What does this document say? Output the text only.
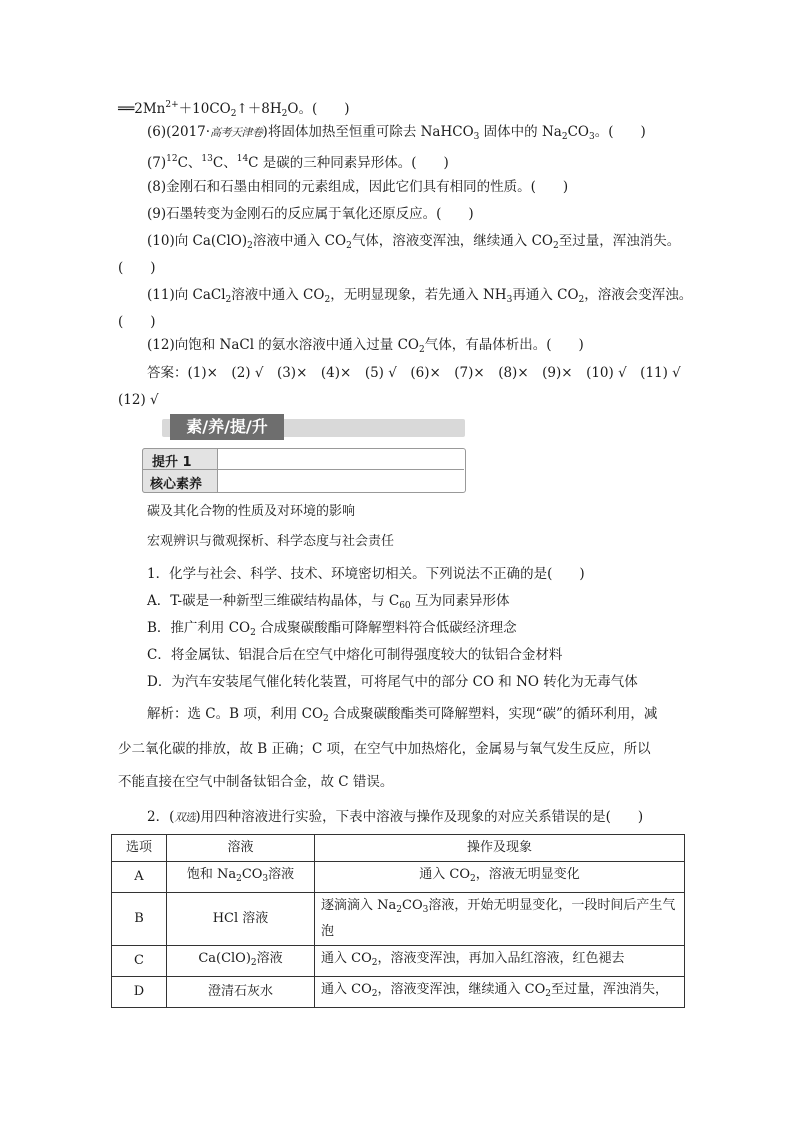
$══2Mn^{2+}+10CO_2↑+8H_2O$。(　　)
(6)(2017·高考天津卷)将固体加热至恒重可除去 NaHCO$_3$ 固体中的 $Na_2CO_3$。(　　)
$(7)^{12}C$、$^{13}$C、$^{14}$C 是碳的三种同素异形体。(　　)
(8)金刚石和石墨由相同的元素组成，因此它们具有相同的性质。(　　)
(9)石墨转变为金刚石的反应属于氧化还原反应。(　　)
(10)向 $Ca(ClO)_2$溶液中通入 $CO_2$气体，溶液变浑浊，继续通入 $CO_2$至过量，浑浊消失。
(　　)
(11)向 CaCl$_2$溶液中通入 $CO_2$，无明显现象，若先通入 $NH_3$再通入 $CO_2$，溶液会变浑浊。
(　　)
(12)向饱和 NaCl 的氨水溶液中通入过量 $CO_2$气体，有晶体析出。(　　)
答案：(1)×　(2) √　(3)×　(4)×　(5) √　(6)×　(7)×　(8)×　(9)×　(10) √　(11) √
(12) √
素/养/提/升
提升 1
核心素养
碳及其化合物的性质及对环境的影响
宏观辨识与微观探析、科学态度与社会责任
1．化学与社会、科学、技术、环境密切相关。下列说法不正确的是(　　)
A．T-碳是一种新型三维碳结构晶体，与 $C_{60}$ 互为同素异形体
B．推广利用 $CO_2$ 合成聚碳酸酯可降解塑料符合低碳经济理念
C．将金属钛、铝混合后在空气中熔化可制得强度较大的钛铝合金材料
D．为汽车安装尾气催化转化装置，可将尾气中的部分 CO 和 NO 转化为无毒气体
解析：选 C。B 项，利用 $CO_2$ 合成聚碳酸酯类可降解塑料，实现“碳”的循环利用，减
少二氧化碳的排放，故 B 正确；C 项，在空气中加热熔化，金属易与氧气发生反应，所以
不能直接在空气中制备钛铝合金，故 C 错误。
2．(双选)用四种溶液进行实验，下表中溶液与操作及现象的对应关系错误的是(　　)
选项	溶液	操作及现象
A	饱和 $Na_2CO_3$溶液	通入 $CO_2$，溶液无明显变化
B	HCl 溶液	逐滴滴入 $Na_2CO_3$溶液，开始无明显变化，一段时间后产生气
泡
C	$Ca(ClO)_2$溶液	通入 $CO_2$，溶液变浑浊，再加入品红溶液，红色褪去
D	澄清石灰水	通入 $CO_2$，溶液变浑浊，继续通入 $CO_2$至过量，浑浊消失，
